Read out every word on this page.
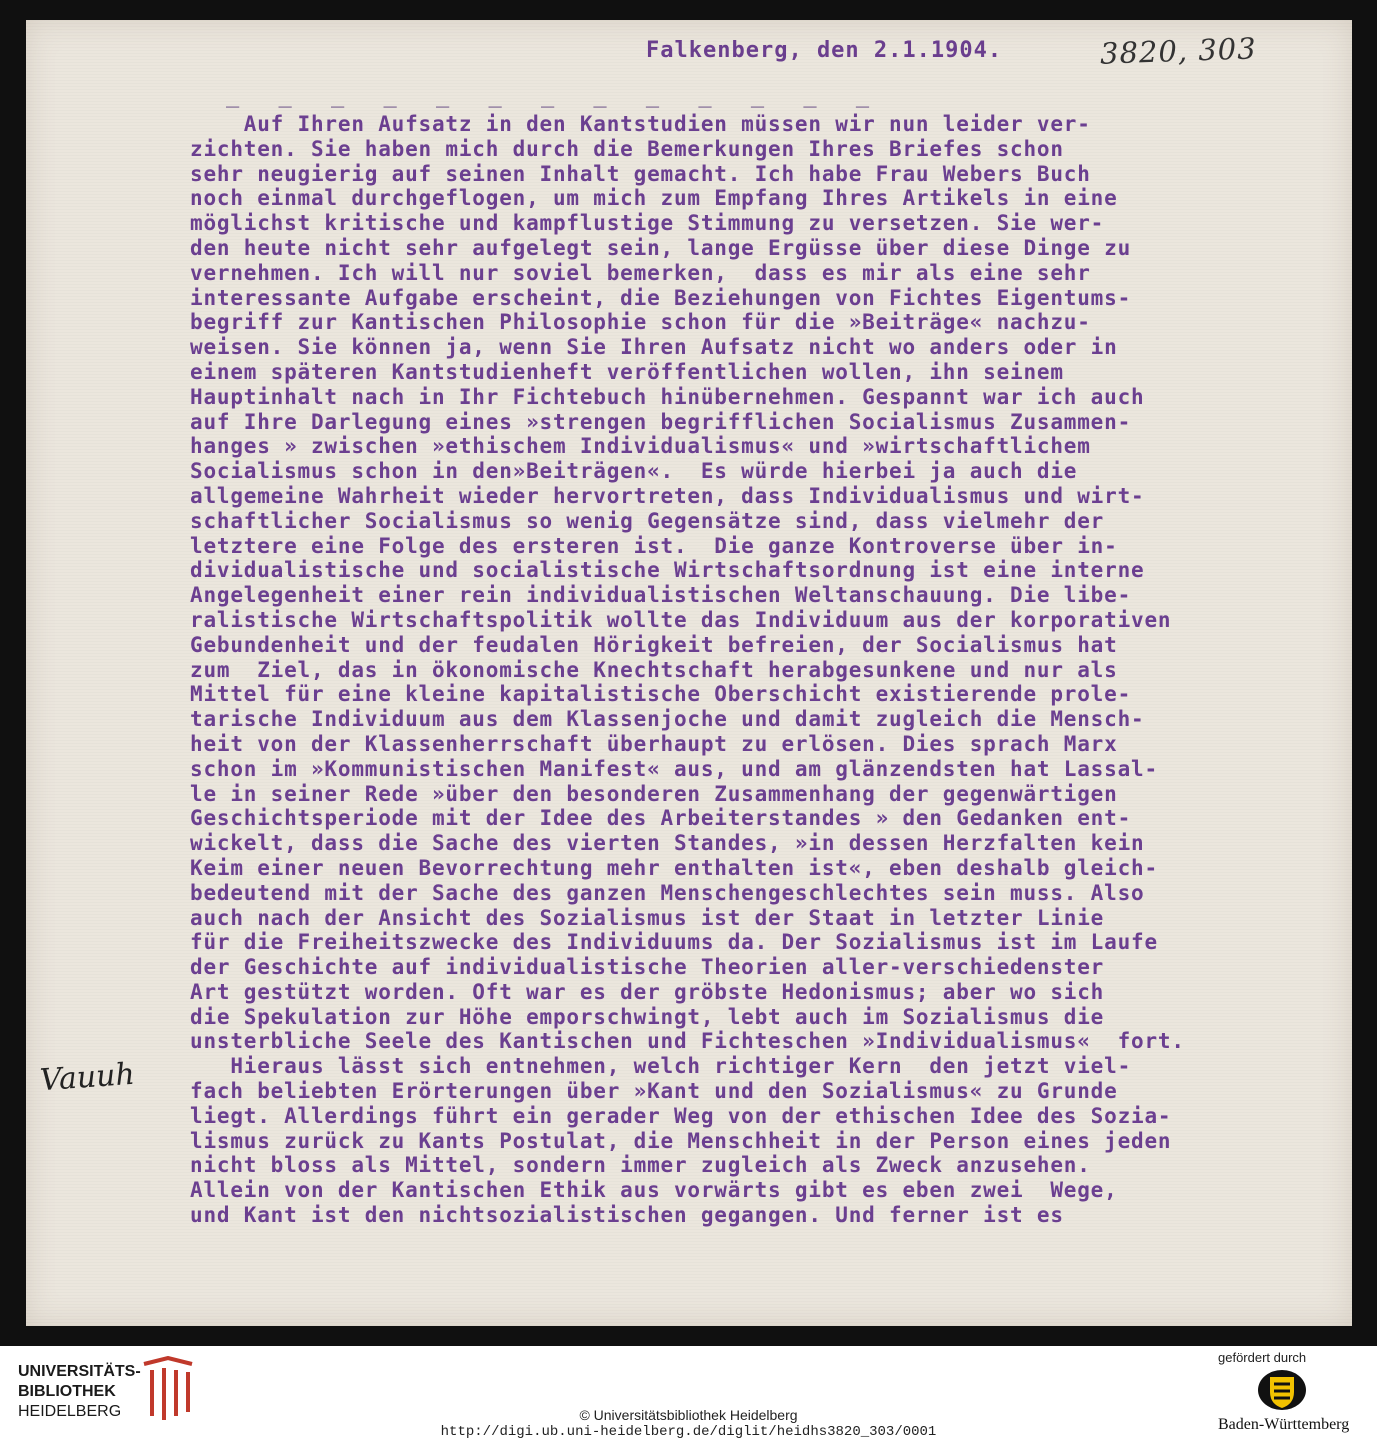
Falkenberg, den 2.1.1904.	3820, 303
_ _ _ _ _ _ _ _ _ _ _ _ _
Auf Ihren Aufsatz in den Kantstudien müssen wir nun leider ver-
zichten. Sie haben mich durch die Bemerkungen Ihres Briefes schon
sehr neugierig auf seinen Inhalt gemacht. Ich habe Frau Webers Buch
noch einmal durchgeflogen, um mich zum Empfang Ihres Artikels in eine
möglichst kritische und kampflustige Stimmung zu versetzen. Sie wer-
den heute nicht sehr aufgelegt sein, lange Ergüsse über diese Dinge zu
vernehmen. Ich will nur soviel bemerken,  dass es mir als eine sehr
interessante Aufgabe erscheint, die Beziehungen von Fichtes Eigentums-
begriff zur Kantischen Philosophie schon für die »Beiträge« nachzu-
weisen. Sie können ja, wenn Sie Ihren Aufsatz nicht wo anders oder in
einem späteren Kantstudienheft veröffentlichen wollen, ihn seinem
Hauptinhalt nach in Ihr Fichtebuch hinübernehmen. Gespannt war ich auch
auf Ihre Darlegung eines »strengen begrifflichen Socialismus Zusammen-
hanges » zwischen »ethischem Individualismus« und »wirtschaftlichem
Socialismus schon in den»Beiträgen«.  Es würde hierbei ja auch die
allgemeine Wahrheit wieder hervortreten, dass Individualismus und wirt-
schaftlicher Socialismus so wenig Gegensätze sind, dass vielmehr der
letztere eine Folge des ersteren ist.  Die ganze Kontroverse über in-
dividualistische und socialistische Wirtschaftsordnung ist eine interne
Angelegenheit einer rein individualistischen Weltanschauung. Die libe-
ralistische Wirtschaftspolitik wollte das Individuum aus der korporativen
Gebundenheit und der feudalen Hörigkeit befreien, der Socialismus hat
zum  Ziel, das in ökonomische Knechtschaft herabgesunkene und nur als
Mittel für eine kleine kapitalistische Oberschicht existierende prole-
tarische Individuum aus dem Klassenjoche und damit zugleich die Mensch-
heit von der Klassenherrschaft überhaupt zu erlösen. Dies sprach Marx
schon im »Kommunistischen Manifest« aus, und am glänzendsten hat Lassal-
le in seiner Rede »über den besonderen Zusammenhang der gegenwärtigen
Geschichtsperiode mit der Idee des Arbeiterstandes » den Gedanken ent-
wickelt, dass die Sache des vierten Standes, »in dessen Herzfalten kein
Keim einer neuen Bevorrechtung mehr enthalten ist«, eben deshalb gleich-
bedeutend mit der Sache des ganzen Menschengeschlechtes sein muss. Also
auch nach der Ansicht des Sozialismus ist der Staat in letzter Linie
für die Freiheitszwecke des Individuums da. Der Sozialismus ist im Laufe
der Geschichte auf individualistische Theorien aller-verschiedenster
Art gestützt worden. Oft war es der gröbste Hedonismus; aber wo sich
die Spekulation zur Höhe emporschwingt, lebt auch im Sozialismus die
unsterbliche Seele des Kantischen und Fichteschen »Individualismus«  fort.
Hieraus lässt sich entnehmen, welch richtiger Kern  den jetzt viel-
fach beliebten Erörterungen über »Kant und den Sozialismus« zu Grunde
liegt. Allerdings führt ein gerader Weg von der ethischen Idee des Sozia-
lismus zurück zu Kants Postulat, die Menschheit in der Person eines jeden
nicht bloss als Mittel, sondern immer zugleich als Zweck anzusehen.
Allein von der Kantischen Ethik aus vorwärts gibt es eben zwei  Wege,
und Kant ist den nichtsozialistischen gegangen. Und ferner ist es
Vauuh
UNIVERSITÄTS-
BIBLIOTHEK
HEIDELBERG	© Universitätsbibliothek Heidelberg
http://digi.ub.uni-heidelberg.de/diglit/heidhs3820_303/0001
gefördert durch
Baden-Württemberg
